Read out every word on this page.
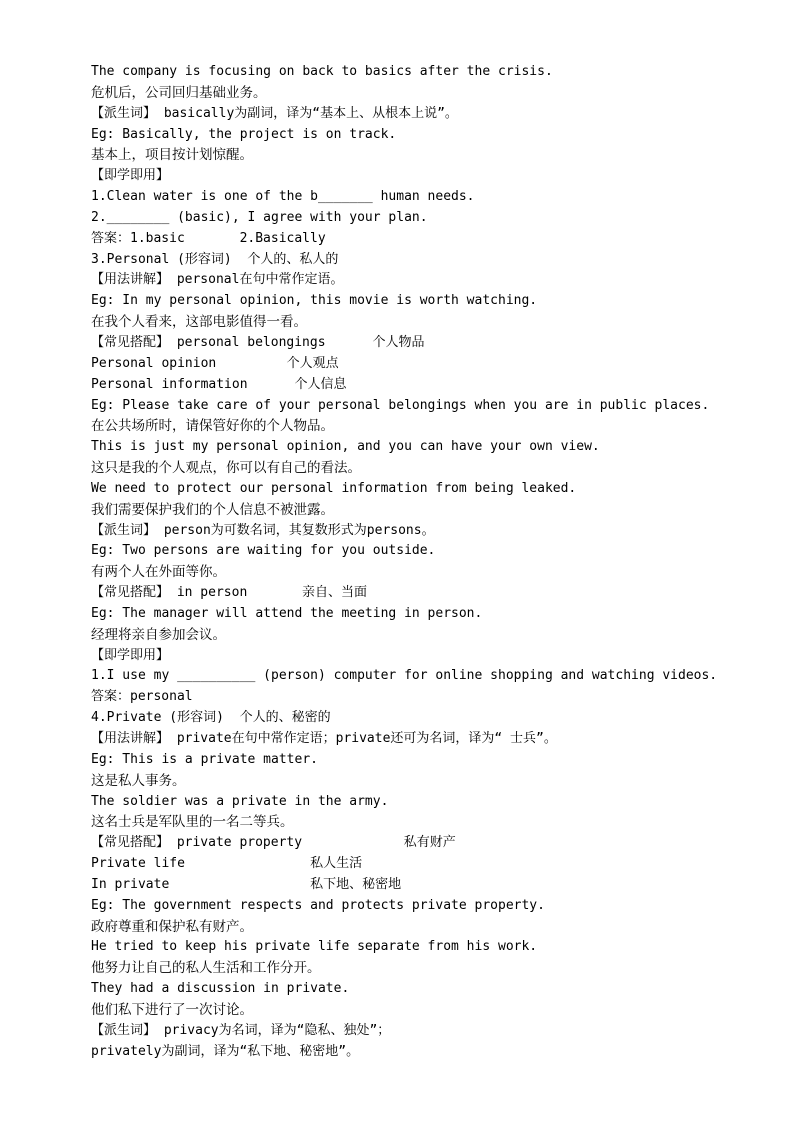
The company is focusing on back to basics after the crisis.
危机后，公司回归基础业务。
【派生词】 basically为副词，译为“基本上、从根本上说”。
Eg: Basically, the project is on track.
基本上，项目按计划惊醒。
【即学即用】
1.Clean water is one of the b_______ human needs.
2.________ (basic), I agree with your plan.
答案：1.basic       2.Basically
3.Personal (形容词)  个人的、私人的
【用法讲解】 personal在句中常作定语。
Eg: In my personal opinion, this movie is worth watching.
在我个人看来，这部电影值得一看。
【常见搭配】 personal belongings      个人物品
Personal opinion         个人观点
Personal information      个人信息
Eg: Please take care of your personal belongings when you are in public places.
在公共场所时，请保管好你的个人物品。
This is just my personal opinion, and you can have your own view.
这只是我的个人观点，你可以有自己的看法。
We need to protect our personal information from being leaked.
我们需要保护我们的个人信息不被泄露。
【派生词】 person为可数名词，其复数形式为persons。
Eg: Two persons are waiting for you outside.
有两个人在外面等你。
【常见搭配】 in person       亲自、当面
Eg: The manager will attend the meeting in person.
经理将亲自参加会议。
【即学即用】
1.I use my __________ (person) computer for online shopping and watching videos.
答案：personal
4.Private (形容词)  个人的、秘密的
【用法讲解】 private在句中常作定语；private还可为名词，译为“ 士兵”。
Eg: This is a private matter.
这是私人事务。
The soldier was a private in the army.
这名士兵是军队里的一名二等兵。
【常见搭配】 private property             私有财产
Private life                私人生活
In private                  私下地、秘密地
Eg: The government respects and protects private property.
政府尊重和保护私有财产。
He tried to keep his private life separate from his work.
他努力让自己的私人生活和工作分开。
They had a discussion in private.
他们私下进行了一次讨论。
【派生词】 privacy为名词，译为“隐私、独处”；
privately为副词，译为“私下地、秘密地”。
